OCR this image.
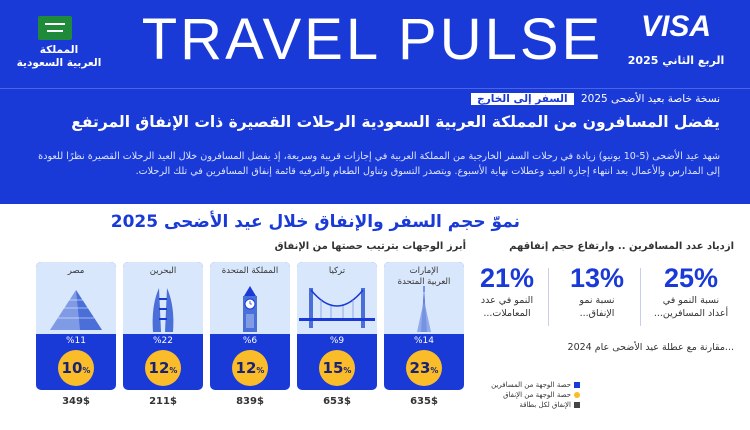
المملكة
العربية السعودية TRAVEL PULSE	VISA
الربع الثاني 2025
نسخة خاصة بعيد الأضحى 2025 السفر إلى الخارج
يفضل المسافرون من المملكة العربية السعودية الرحلات القصيرة ذات الإنفاق المرتفع
شهد عيد الأضحى (5-10 يونيو) زيادة في رحلات السفر الخارجية من المملكة العربية في إجازات قريبة وسريعة، إذ يفضل المسافرون خلال العيد الرحلات القصيرة نظرًا للعودة إلى المدارس والأعمال بعد انتهاء إجازة العيد وعطلات نهاية الأسبوع. ويتصدر التسوق وتناول الطعام والترفيه قائمة إنفاق المسافرين في تلك الرحلات.
نموّ حجم السفر والإنفاق خلال عيد الأضحى 2025
ازدياد عدد المسافرين .. وارتفاع حجم إنفاقهم
25%
نسبة النمو في
أعداد المسافرين...
13%
نسبة نمو
الإنفاق...
21%
النمو في عدد
المعاملات...
...مقارنة مع عطلة عيد الأضحى عام 2024
أبرز الوجهات بترتيب حصتها من الإنفاق
الإمارات
العربية المتحدة
%14
23%
635$
تركيا
%9
15%
653$
المملكة المتحدة
%6
12%
839$
البحرين
%22
12%
211$
مصر
%11
10%
349$
حصة الوجهة من المسافرين
حصة الوجهة من الإنفاق
الإنفاق لكل بطاقة
